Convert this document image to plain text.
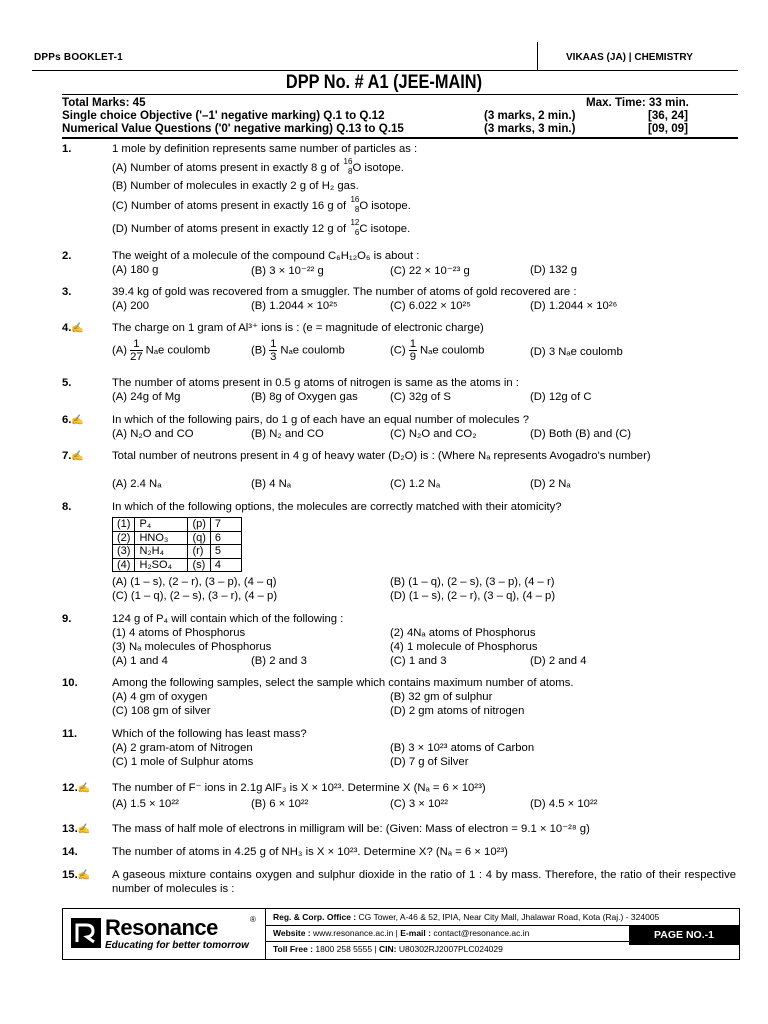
DPPs BOOKLET-1	VIKAAS (JA) | CHEMISTRY
DPP No. # A1 (JEE-MAIN)
Total Marks: 45	Max. Time: 33 min.
Single choice Objective ('–1' negative marking) Q.1 to Q.12	(3 marks, 2 min.)	[36, 24]
Numerical Value Questions ('0' negative marking) Q.13 to Q.15	(3 marks, 3 min.)	[09, 09]
1.	1 mole by definition represents same number of particles as :
(A) Number of atoms present in exactly 8 g of
16
8 O isotope.
(B) Number of molecules in exactly 2 g of H₂ gas.
(C) Number of atoms present in exactly 16 g of
16
8 O isotope.
(D) Number of atoms present in exactly 12 g of
12
6 C isotope.
2.	The weight of a molecule of the compound C₆H₁₂O₆ is about :
(A) 180 g	(B) 3 × 10⁻²² g	(C) 22 × 10⁻²³ g	(D) 132 g
3.	39.4 kg of gold was recovered from a smuggler. The number of atoms of gold recovered are :
(A) 200	(B) 1.2044 × 10²⁵	(C) 6.022 × 10²⁵	(D) 1.2044 × 10²⁶
4.✍ The charge on 1 gram of Al³⁺ ions is : (e = magnitude of electronic charge)
$(A) \frac{1}{27}$ Nₐe coulomb	$(B) \frac{1}{3}$ Nₐe coulomb	$(C) \frac{1}{9}$ Nₐe coulomb	(D) 3 Nₐe coulomb
5.	The number of atoms present in 0.5 g atoms of nitrogen is same as the atoms in :
(A) 24g of Mg	(B) 8g of Oxygen gas	(C) 32g of S	(D) 12g of C
6.✍ In which of the following pairs, do 1 g of each have an equal number of molecules ?
(A) N₂O and CO	(B) N₂ and CO	(C) N₂O and CO₂	(D) Both (B) and (C)
7.✍ Total number of neutrons present in 4 g of heavy water (D₂O) is : (Where Nₐ represents Avogadro's number)
(A) 2.4 Nₐ	(B) 4 Nₐ	(C) 1.2 Nₐ	(D) 2 Nₐ
8.	In which of the following options, the molecules are correctly matched with their atomicity?
(1)	P₄	(p)	7
(2)	HNO₃	(q)	6
(3)	N₂H₄	(r)	5
(4)	H₂SO₄	(s)	4
(A) (1 – s), (2 – r), (3 – p), (4 – q)	(B) (1 – q), (2 – s), (3 – p), (4 – r)
(C) (1 – q), (2 – s), (3 – r), (4 – p)	(D) (1 – s), (2 – r), (3 – q), (4 – p)
9.	124 g of P₄ will contain which of the following :
(1) 4 atoms of Phosphorus	(2) 4Nₐ atoms of Phosphorus
(3) Nₐ molecules of Phosphorus	(4) 1 molecule of Phosphorus
(A) 1 and 4	(B) 2 and 3	(C) 1 and 3	(D) 2 and 4
10.	Among the following samples, select the sample which contains maximum number of atoms.
(A) 4 gm of oxygen	(B) 32 gm of sulphur
(C) 108 gm of silver	(D) 2 gm atoms of nitrogen
11.	Which of the following has least mass?
(A) 2 gram-atom of Nitrogen	(B) 3 × 10²³ atoms of Carbon
(C) 1 mole of Sulphur atoms	(D) 7 g of Silver
12.✍ The number of F⁻ ions in 2.1g AlF₃ is X × 10²³. Determine X (Nₐ = 6 × 10²³)
(A) 1.5 × 10²²	(B) 6 × 10²²	(C) 3 × 10²²	(D) 4.5 × 10²²
13.✍ The mass of half mole of electrons in milligram will be: (Given: Mass of electron = 9.1 × 10⁻²⁸ g)
14.	The number of atoms in 4.25 g of NH₃ is X × 10²³. Determine X? (Nₐ = 6 × 10²³)
15.✍ A gaseous mixture contains oxygen and sulphur dioxide in the ratio of 1 : 4 by mass. Therefore, the ratio of their respective number of molecules is :
Resonance	®
Educating for better tomorrow
Reg. & Corp. Office : CG Tower, A-46 & 52, IPIA, Near City Mall, Jhalawar Road, Kota (Raj.) - 324005
Website : www.resonance.ac.in | E-mail : contact@resonance.ac.in
Toll Free : 1800 258 5555 | CIN: U80302RJ2007PLC024029
PAGE NO.-1
